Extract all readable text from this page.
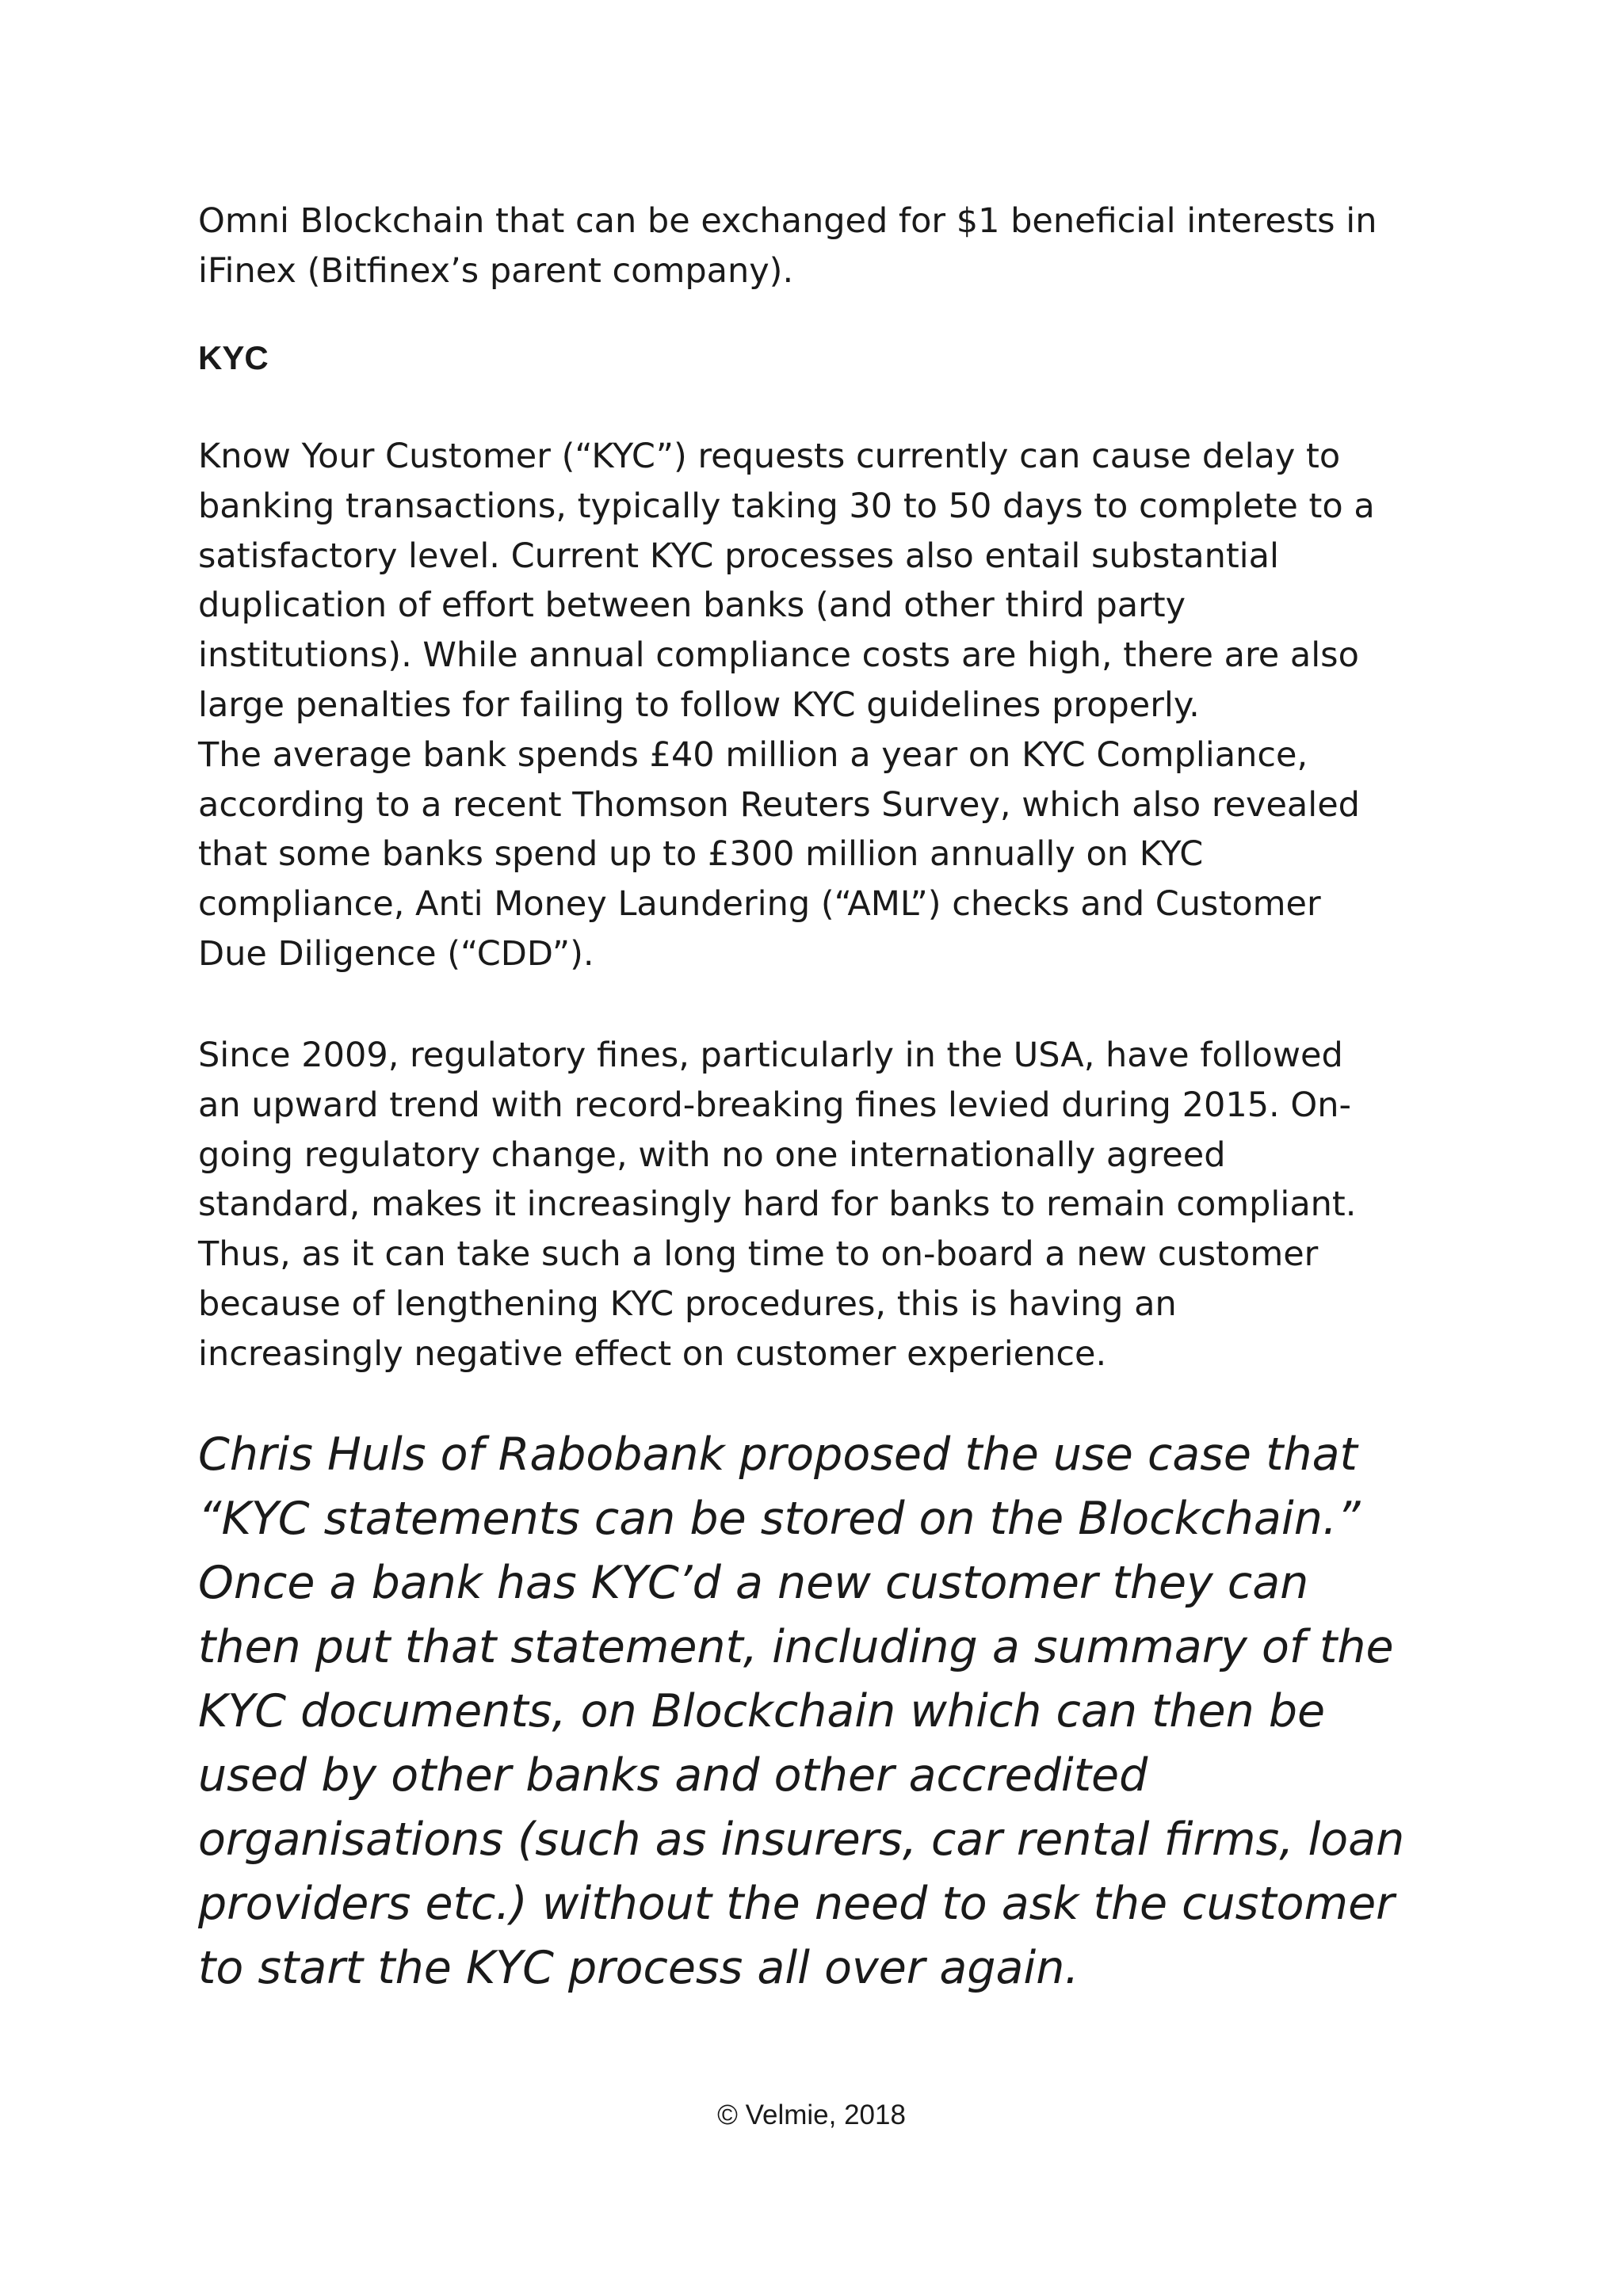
Omni Blockchain that can be exchanged for $1 beneficial interests in
iFinex (Bitfinex’s parent company).

KYC

Know Your Customer (“KYC”) requests currently can cause delay to
banking transactions, typically taking 30 to 50 days to complete to a
satisfactory level. Current KYC processes also entail substantial
duplication of effort between banks (and other third party
institutions). While annual compliance costs are high, there are also
large penalties for failing to follow KYC guidelines properly.
The average bank spends £40 million a year on KYC Compliance,
according to a recent Thomson Reuters Survey, which also revealed
that some banks spend up to £300 million annually on KYC
compliance, Anti Money Laundering (“AML”) checks and Customer
Due Diligence (“CDD”).

Since 2009, regulatory fines, particularly in the USA, have followed
an upward trend with record-breaking fines levied during 2015. On-
going regulatory change, with no one internationally agreed
standard, makes it increasingly hard for banks to remain compliant.
Thus, as it can take such a long time to on-board a new customer
because of lengthening KYC procedures, this is having an
increasingly negative effect on customer experience.

Chris Huls of Rabobank proposed the use case that
“KYC statements can be stored on the Blockchain.”
Once a bank has KYC’d a new customer they can
then put that statement, including a summary of the
KYC documents, on Blockchain which can then be
used by other banks and other accredited
organisations (such as insurers, car rental firms, loan
providers etc.) without the need to ask the customer
to start the KYC process all over again.

© Velmie, 2018
